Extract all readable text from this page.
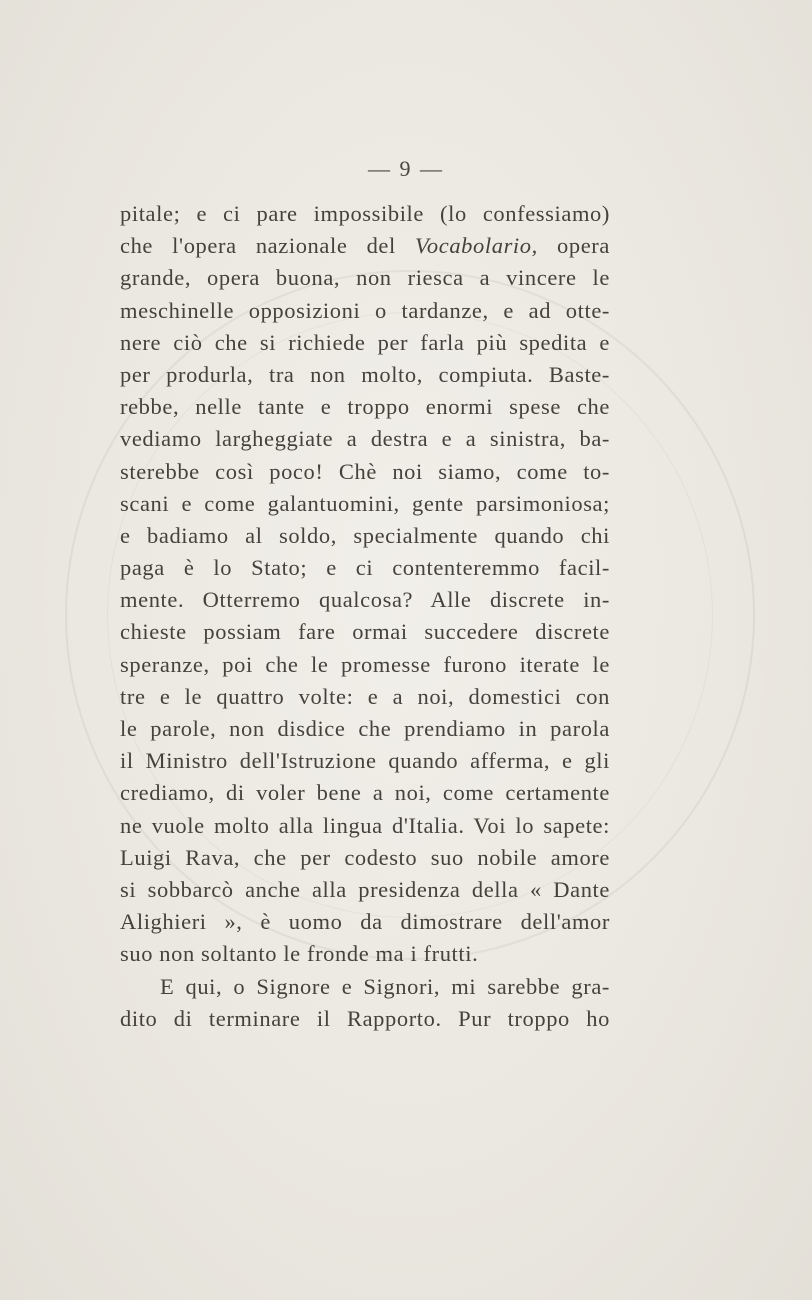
— 9 —
pitale; e ci pare impossibile (lo confessiamo)
che l'opera nazionale del Vocabolario, opera
grande, opera buona, non riesca a vincere le
meschinelle opposizioni o tardanze, e ad otte-
nere ciò che si richiede per farla più spedita e
per produrla, tra non molto, compiuta. Baste-
rebbe, nelle tante e troppo enormi spese che
vediamo largheggiate a destra e a sinistra, ba-
sterebbe così poco! Chè noi siamo, come to-
scani e come galantuomini, gente parsimoniosa;
e badiamo al soldo, specialmente quando chi
paga è lo Stato; e ci contenteremmo facil-
mente. Otterremo qualcosa? Alle discrete in-
chieste possiam fare ormai succedere discrete
speranze, poi che le promesse furono iterate le
tre e le quattro volte: e a noi, domestici con
le parole, non disdice che prendiamo in parola
il Ministro dell'Istruzione quando afferma, e gli
crediamo, di voler bene a noi, come certamente
ne vuole molto alla lingua d'Italia. Voi lo sapete:
Luigi Rava, che per codesto suo nobile amore
si sobbarcò anche alla presidenza della « Dante
Alighieri », è uomo da dimostrare dell'amor
suo non soltanto le fronde ma i frutti.
E qui, o Signore e Signori, mi sarebbe gra-
dito di terminare il Rapporto. Pur troppo ho
